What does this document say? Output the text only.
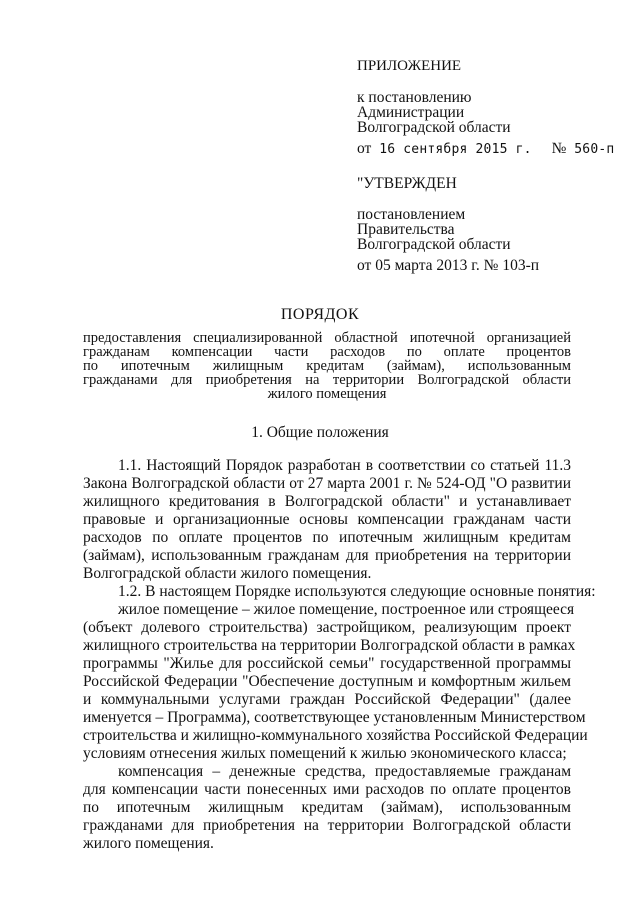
ПРИЛОЖЕНИЕ
к постановлению
Администрации
Волгоградской области
от 16 сентября 2015 г. № 560-п
"УТВЕРЖДЕН
постановлением
Правительства
Волгоградской области
от 05 марта 2013 г. № 103-п
ПОРЯДОК
предоставления специализированной областной ипотечной организацией
гражданам компенсации части расходов по оплате процентов
по ипотечным жилищным кредитам (займам), использованным
гражданами для приобретения на территории Волгоградской области
жилого помещения
1. Общие положения
1.1. Настоящий Порядок разработан в соответствии со статьей 11.3
Закона Волгоградской области от 27 марта 2001 г. № 524-ОД "О развитии
жилищного кредитования в Волгоградской области" и устанавливает
правовые и организационные основы компенсации гражданам части
расходов по оплате процентов по ипотечным жилищным кредитам
(займам), использованным гражданам для приобретения на территории
Волгоградской области жилого помещения.
1.2. В настоящем Порядке используются следующие основные понятия:
жилое помещение – жилое помещение, построенное или строящееся
(объект долевого строительства) застройщиком, реализующим проект
жилищного строительства на территории Волгоградской области в рамках
программы "Жилье для российской семьи" государственной программы
Российской Федерации "Обеспечение доступным и комфортным жильем
и коммунальными услугами граждан Российской Федерации" (далее
именуется – Программа), соответствующее установленным Министерством
строительства и жилищно-коммунального хозяйства Российской Федерации
условиям отнесения жилых помещений к жилью экономического класса;
компенсация – денежные средства, предоставляемые гражданам
для компенсации части понесенных ими расходов по оплате процентов
по ипотечным жилищным кредитам (займам), использованным
гражданами для приобретения на территории Волгоградской области
жилого помещения.
